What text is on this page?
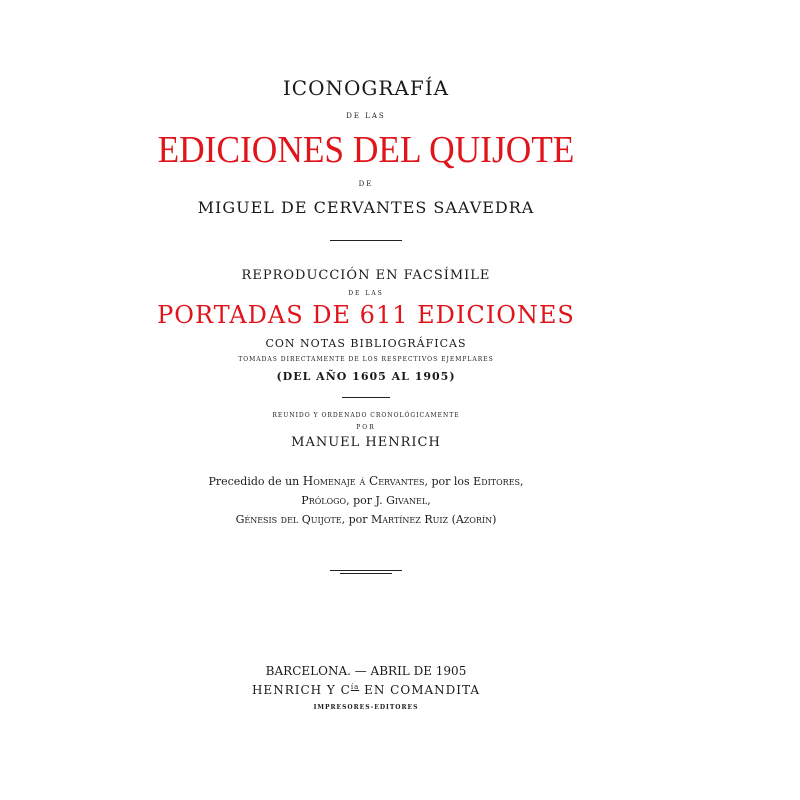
ICONOGRAFÍA
DE LAS
EDICIONES DEL QUIJOTE
DE
MIGUEL DE CERVANTES SAAVEDRA
REPRODUCCIÓN EN FACSÍMILE
DE LAS
PORTADAS DE 611 EDICIONES
CON NOTAS BIBLIOGRÁFICAS
TOMADAS DIRECTAMENTE DE LOS RESPECTIVOS EJEMPLARES
(DEL AÑO 1605 AL 1905)
REUNIDO Y ORDENADO CRONOLÓGICAMENTE
POR
MANUEL HENRICH
Precedido de un Homenaje á Cervantes, por los Editores,
Prólogo, por J. Givanel,
Génesis del Quijote, por Martínez Ruiz (Azorín)
BARCELONA. — ABRIL DE 1905
HENRICH Y $C^{ía}$ EN COMANDITA
IMPRESORES-EDITORES
